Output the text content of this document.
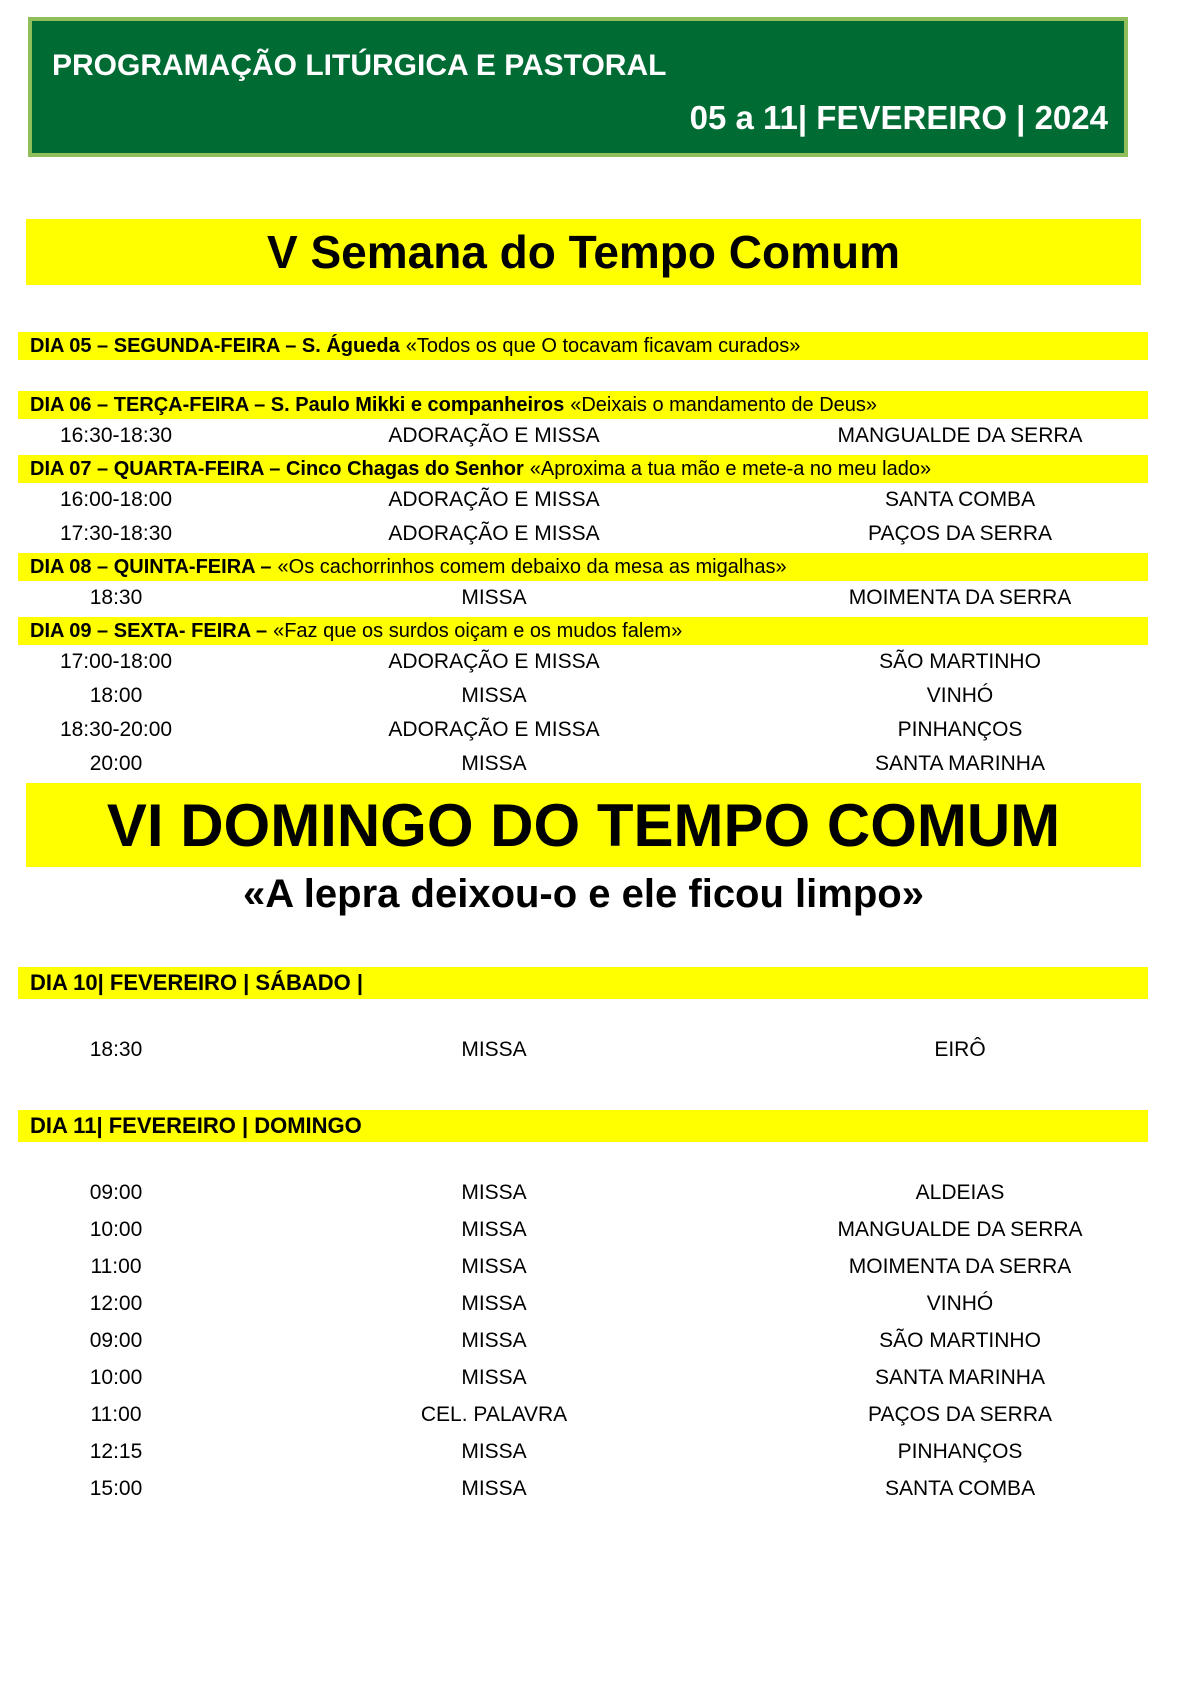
PROGRAMAÇÃO LITÚRGICA E PASTORAL
05 a 11| FEVEREIRO | 2024
V Semana do Tempo Comum
DIA 05 – SEGUNDA-FEIRA – S. Águeda «Todos os que O tocavam ficavam curados»
DIA 06 – TERÇA-FEIRA – S. Paulo Mikki e companheiros «Deixais o mandamento de Deus»
16:30-18:30	ADORAÇÃO E MISSA	MANGUALDE DA SERRA
DIA 07 – QUARTA-FEIRA – Cinco Chagas do Senhor «Aproxima a tua mão e mete-a no meu lado»
16:00-18:00	ADORAÇÃO E MISSA	SANTA COMBA
17:30-18:30	ADORAÇÃO E MISSA	PAÇOS DA SERRA
DIA 08 – QUINTA-FEIRA – «Os cachorrinhos comem debaixo da mesa as migalhas»
18:30	MISSA	MOIMENTA DA SERRA
DIA 09 – SEXTA- FEIRA – «Faz que os surdos oiçam e os mudos falem»
17:00-18:00	ADORAÇÃO E MISSA	SÃO MARTINHO
18:00	MISSA	VINHÓ
18:30-20:00	ADORAÇÃO E MISSA	PINHANÇOS
20:00	MISSA	SANTA MARINHA
VI DOMINGO DO TEMPO COMUM
«A lepra deixou-o e ele ficou limpo»
DIA 10| FEVEREIRO | SÁBADO |
18:30	MISSA	EIRÔ
DIA 11| FEVEREIRO | DOMINGO
09:00	MISSA	ALDEIAS
10:00	MISSA	MANGUALDE DA SERRA
11:00	MISSA	MOIMENTA DA SERRA
12:00	MISSA	VINHÓ
09:00	MISSA	SÃO MARTINHO
10:00	MISSA	SANTA MARINHA
11:00	CEL. PALAVRA	PAÇOS DA SERRA
12:15	MISSA	PINHANÇOS
15:00	MISSA	SANTA COMBA
